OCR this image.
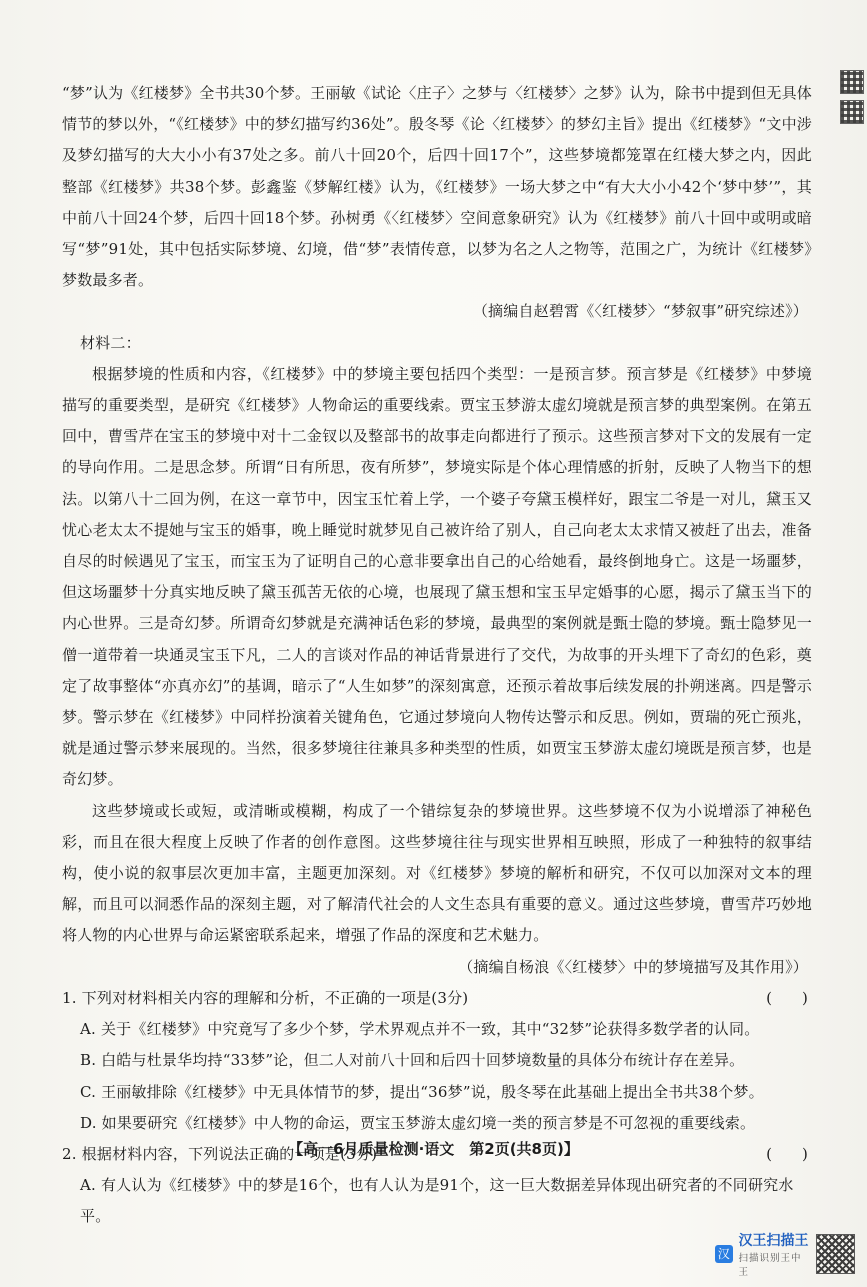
“梦”认为《红楼梦》全书共30个梦。王丽敏《试论〈庄子〉之梦与〈红楼梦〉之梦》认为，除书中提到但无具体情节的梦以外，“《红楼梦》中的梦幻描写约36处”。殷冬琴《论〈红楼梦〉的梦幻主旨》提出《红楼梦》“文中涉及梦幻描写的大大小小有37处之多。前八十回20个，后四十回17个”，这些梦境都笼罩在红楼大梦之内，因此整部《红楼梦》共38个梦。彭鑫鉴《梦解红楼》认为，《红楼梦》一场大梦之中“有大大小小42个‘梦中梦’”，其中前八十回24个梦，后四十回18个梦。孙树勇《〈红楼梦〉空间意象研究》认为《红楼梦》前八十回中或明或暗写“梦”91处，其中包括实际梦境、幻境，借“梦”表情传意，以梦为名之人之物等，范围之广，为统计《红楼梦》梦数最多者。

（摘编自赵碧霄《〈红楼梦〉“梦叙事”研究综述》）

材料二：

根据梦境的性质和内容，《红楼梦》中的梦境主要包括四个类型：一是预言梦。预言梦是《红楼梦》中梦境描写的重要类型，是研究《红楼梦》人物命运的重要线索。贾宝玉梦游太虚幻境就是预言梦的典型案例。在第五回中，曹雪芹在宝玉的梦境中对十二金钗以及整部书的故事走向都进行了预示。这些预言梦对下文的发展有一定的导向作用。二是思念梦。所谓“日有所思，夜有所梦”，梦境实际是个体心理情感的折射，反映了人物当下的想法。以第八十二回为例，在这一章节中，因宝玉忙着上学，一个婆子夸黛玉模样好，跟宝二爷是一对儿，黛玉又忧心老太太不提她与宝玉的婚事，晚上睡觉时就梦见自己被许给了别人，自己向老太太求情又被赶了出去，准备自尽的时候遇见了宝玉，而宝玉为了证明自己的心意非要拿出自己的心给她看，最终倒地身亡。这是一场噩梦，但这场噩梦十分真实地反映了黛玉孤苦无依的心境，也展现了黛玉想和宝玉早定婚事的心愿，揭示了黛玉当下的内心世界。三是奇幻梦。所谓奇幻梦就是充满神话色彩的梦境，最典型的案例就是甄士隐的梦境。甄士隐梦见一僧一道带着一块通灵宝玉下凡，二人的言谈对作品的神话背景进行了交代，为故事的开头埋下了奇幻的色彩，奠定了故事整体“亦真亦幻”的基调，暗示了“人生如梦”的深刻寓意，还预示着故事后续发展的扑朔迷离。四是警示梦。警示梦在《红楼梦》中同样扮演着关键角色，它通过梦境向人物传达警示和反思。例如，贾瑞的死亡预兆，就是通过警示梦来展现的。当然，很多梦境往往兼具多种类型的性质，如贾宝玉梦游太虚幻境既是预言梦，也是奇幻梦。

这些梦境或长或短，或清晰或模糊，构成了一个错综复杂的梦境世界。这些梦境不仅为小说增添了神秘色彩，而且在很大程度上反映了作者的创作意图。这些梦境往往与现实世界相互映照，形成了一种独特的叙事结构，使小说的叙事层次更加丰富，主题更加深刻。对《红楼梦》梦境的解析和研究，不仅可以加深对文本的理解，而且可以洞悉作品的深刻主题，对了解清代社会的人文生态具有重要的意义。通过这些梦境，曹雪芹巧妙地将人物的内心世界与命运紧密联系起来，增强了作品的深度和艺术魅力。

（摘编自杨浪《〈红楼梦〉中的梦境描写及其作用》）

1. 下列对材料相关内容的理解和分析，不正确的一项是(3分)	(      )

A. 关于《红楼梦》中究竟写了多少个梦，学术界观点并不一致，其中“32梦”论获得多数学者的认同。

B. 白皓与杜景华均持“33梦”论，但二人对前八十回和后四十回梦境数量的具体分布统计存在差异。

C. 王丽敏排除《红楼梦》中无具体情节的梦，提出“36梦”说，殷冬琴在此基础上提出全书共38个梦。

D. 如果要研究《红楼梦》中人物的命运，贾宝玉梦游太虚幻境一类的预言梦是不可忽视的重要线索。

2. 根据材料内容，下列说法正确的一项是(3分)	(      )

A. 有人认为《红楼梦》中的梦是16个，也有人认为是91个，这一巨大数据差异体现出研究者的不同研究水平。

【高一6月质量检测·语文　第2页(共8页)】
汉
汉王扫描王
扫描识别王中王
